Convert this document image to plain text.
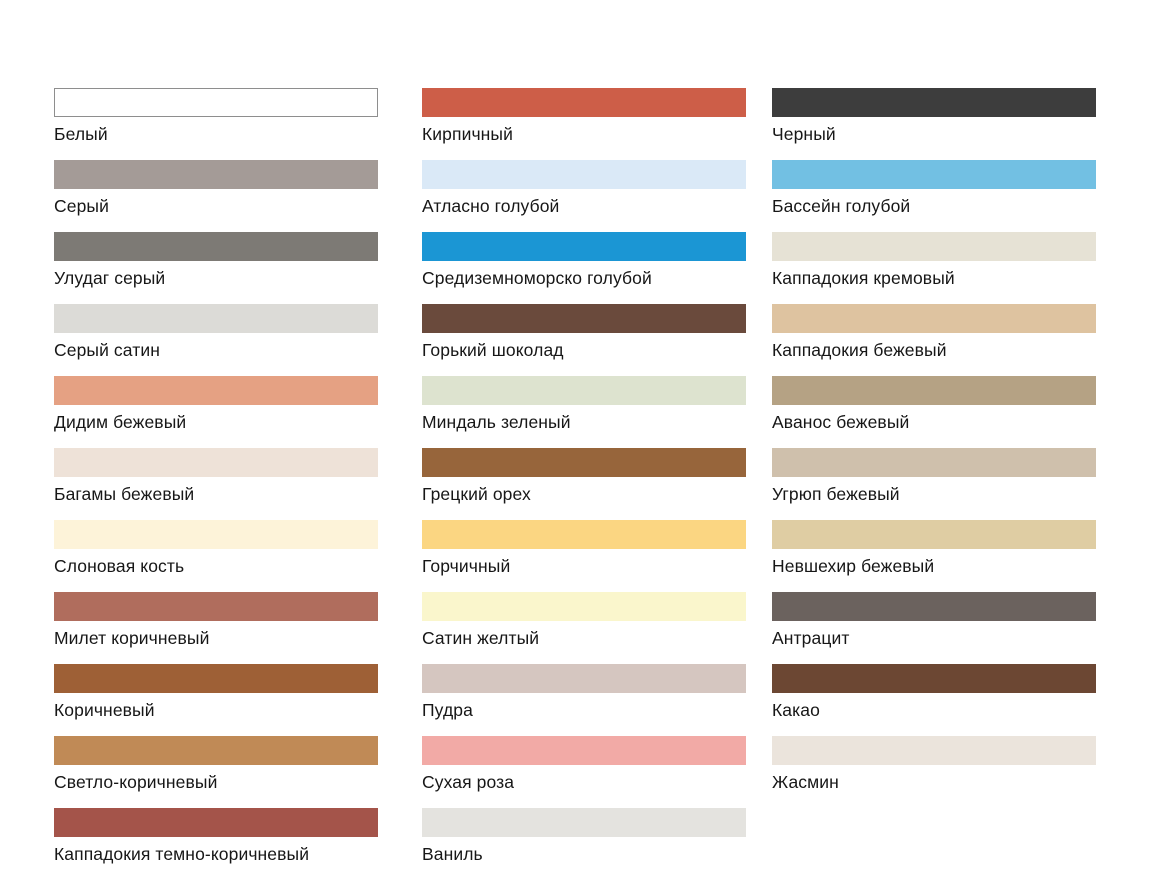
Белый
Серый
Улудаг серый
Серый сатин
Дидим бежевый
Багамы бежевый
Слоновая кость
Милет коричневый
Коричневый
Светло-коричневый
Каппадокия темно-коричневый
Кирпичный
Атласно голубой
Средиземноморско голубой
Горький шоколад
Миндаль зеленый
Грецкий орех
Горчичный
Сатин желтый
Пудра
Сухая роза
Ваниль
Черный
Бассейн голубой
Каппадокия кремовый
Каппадокия бежевый
Аванос бежевый
Угрюп бежевый
Невшехир бежевый
Антрацит
Какао
Жасмин
